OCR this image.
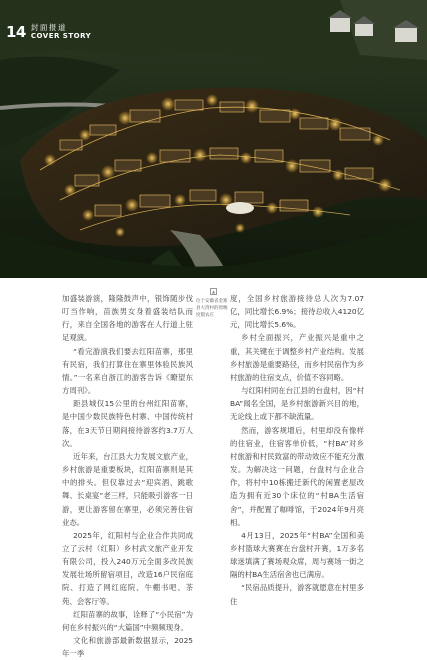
14 封面报道
COVER STORY

加盛装游演，隆隆鼓声中，银饰随步伐叮当作响，苗族男女身着盛装结队而行，来自全国各地的游客在人行道上驻足观演。

“看完游演我们要去红阳苗寨，那里有民宿，我们打算住在寨里体验民族风情。”一名来自浙江的游客告诉《瞭望东方周刊》。

距县城仅15公里的台州红阳苗寨，是中国少数民族特色村寨、中国传统村落，在3天节日期间接待游客约3.7万人次。

近年来，台江县大力发展文旅产业，乡村旅游是重要板块，红阳苗寨则是其中的排头。但仅靠过去“迎宾酒、跳歌舞、长桌宴”老三样，只能吸引游客一日游，更让游客留在寨里，必须完善住宿业态。

2025年，红阳村与企业合作共同成立了云村（红阳）乡村武文旅产业开发有限公司，投入240万元全面多改民族发展壮场所留宿项目，改造16户民宿庭院、打造了网红庭院、牛棚书吧、茶苑、会客厅等。

红阳苗寨的故事，诠释了“小民宿”为何在乡村振兴的“大篇国”中频频现身。

文化和旅游部最新数据显示，2025年一季

▲
位于安徽省金寨县大湾村的傍晚度假农庄

度，全国乡村旅游接待总人次为7.07亿，同比增长6.9%；接待总收入4120亿元，同比增长5.6%。

乡村全面振兴，产业振兴是重中之重，其关键在于调整乡村产业结构。发展乡村旅游是重要路径，而乡村民宿作为乡村旅游的住宿支点，价值不容同略。

与红阳村同在台江县的台盘村，因“村BA”闻名全国，是乡村旅游新兴目的地，无论线上或下都不缺流量。

然而，游客规增后，村里却没有像样的住宿业，住宿客单价低，“村BA”对乡村旅游和村民致富的带动效应不能充分激发。为解决这一问题，台盘村与企业合作，将村中10栋搬迁新代的闲置老屋改造为拥有近30个床位的“村BA生活宿舍”，并配置了咖啡馆，于2024年9月亮相。

4月13日，2025年“村BA”全国和美乡村篮球大赛赛在台盘村开赛，1万多名球迷填满了赛场观众席，周与赛场一街之隔的村BA生活宿舍也已满房。

“民宿品质提升，游客就愿意在村里多住
